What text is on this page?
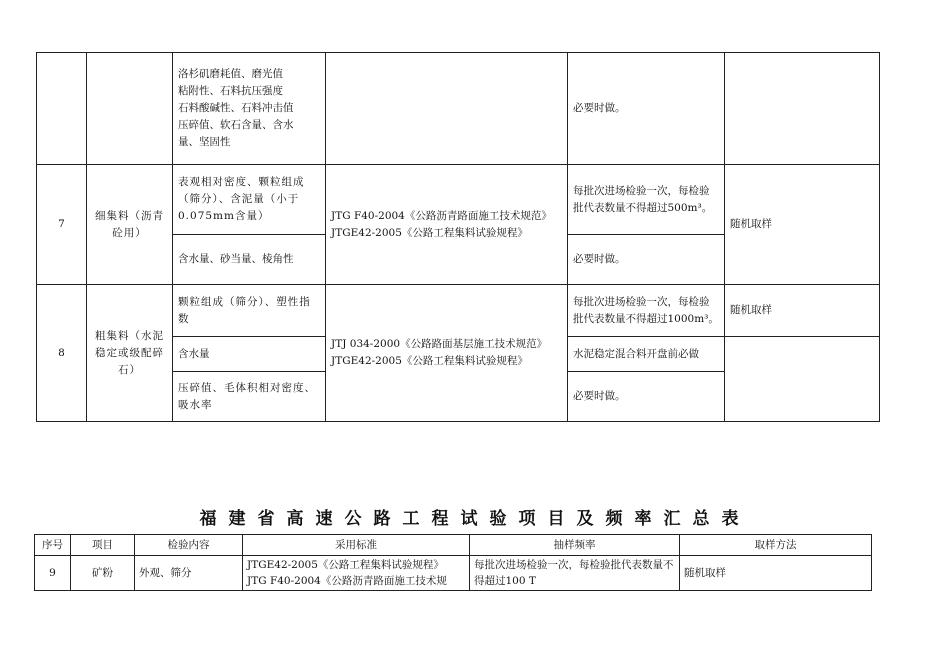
		洛杉矶磨耗值、磨光值
粘附性、石料抗压强度
石料酸碱性、石料冲击值
压碎值、软石含量、含水
量、坚固性		必要时做。	
7	细集料（沥青砼用）	表观相对密度、颗粒组成（筛分）、含泥量（小于0.075mm含量）	JTG F40-2004《公路沥青路面施工技术规范》
JTGE42-2005《公路工程集料试验规程》	每批次进场检验一次，每检验批代表数量不得超过500m³。	随机取样
		含水量、砂当量、棱角性		必要时做。	
8	粗集料（水泥稳定或级配碎石）	颗粒组成（筛分）、塑性指数	JTJ 034-2000《公路路面基层施工技术规范》
JTGE42-2005《公路工程集料试验规程》	每批次进场检验一次，每检验批代表数量不得超过1000m³。	随机取样
		含水量		水泥稳定混合料开盘前必做	
		压碎值、毛体积相对密度、吸水率		必要时做。	
福建省高速公路工程试验项目及频率汇总表
序号	项目	检验内容	采用标准	抽样频率	取样方法
9	矿粉	外观、筛分	JTGE42-2005《公路工程集料试验规程》
JTG F40-2004《公路沥青路面施工技术规	每批次进场检验一次，每检验批代表数量不得超过100 T	随机取样
